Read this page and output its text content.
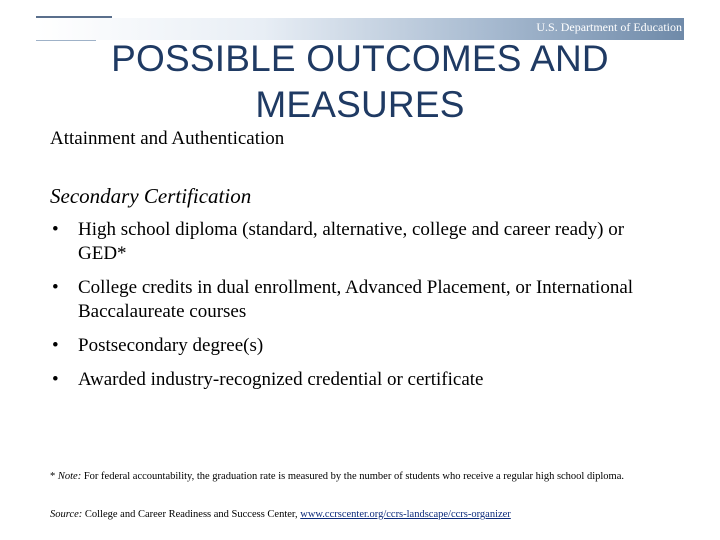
U.S. Department of Education
POSSIBLE OUTCOMES AND MEASURES
Attainment and Authentication
Secondary Certification
• High school diploma (standard, alternative, college and career ready) or GED*
• College credits in dual enrollment, Advanced Placement, or International Baccalaureate courses
• Postsecondary degree(s)
• Awarded industry-recognized credential or certificate
* Note: For federal accountability, the graduation rate is measured by the number of students who receive a regular high school diploma.
Source: College and Career Readiness and Success Center, www.ccrscenter.org/ccrs-landscape/ccrs-organizer
